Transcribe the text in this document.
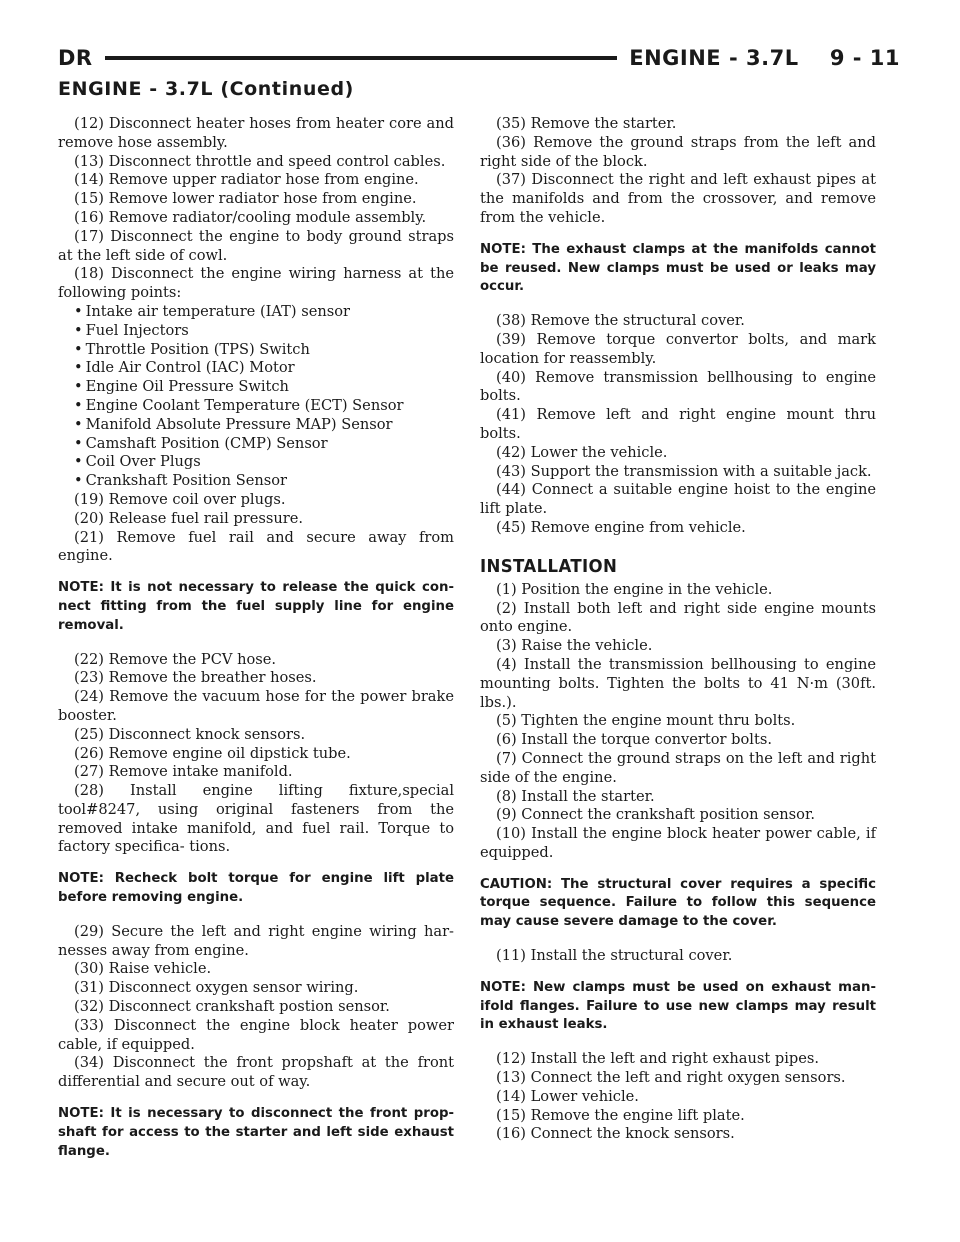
DR	ENGINE - 3.7L    9 - 11
ENGINE - 3.7L (Continued)

(12) Disconnect heater hoses from heater core and remove hose assembly.

(13) Disconnect throttle and speed control cables.

(14) Remove upper radiator hose from engine.

(15) Remove lower radiator hose from engine.

(16) Remove radiator/cooling module assembly.

(17) Disconnect the engine to body ground straps at the left side of cowl.

(18) Disconnect the engine wiring harness at the following points:

• Intake air temperature (IAT) sensor
• Fuel Injectors
• Throttle Position (TPS) Switch
• Idle Air Control (IAC) Motor
• Engine Oil Pressure Switch
• Engine Coolant Temperature (ECT) Sensor
• Manifold Absolute Pressure MAP) Sensor
• Camshaft Position (CMP) Sensor
• Coil Over Plugs
• Crankshaft Position Sensor

(19) Remove coil over plugs.

(20) Release fuel rail pressure.

(21) Remove fuel rail and secure away from engine.

NOTE: It is not necessary to release the quick con- nect fitting from the fuel supply line for engine removal.

(22) Remove the PCV hose.

(23) Remove the breather hoses.

(24) Remove the vacuum hose for the power brake booster.

(25) Disconnect knock sensors.

(26) Remove engine oil dipstick tube.

(27) Remove intake manifold.

(28) Install engine lifting fixture,special tool#8247, using original fasteners from the removed intake manifold, and fuel rail. Torque to factory specifica- tions.

NOTE: Recheck bolt torque for engine lift plate before removing engine.

(29) Secure the left and right engine wiring har- nesses away from engine.

(30) Raise vehicle.

(31) Disconnect oxygen sensor wiring.

(32) Disconnect crankshaft postion sensor.

(33) Disconnect the engine block heater power cable, if equipped.

(34) Disconnect the front propshaft at the front differential and secure out of way.

NOTE: It is necessary to disconnect the front prop- shaft for access to the starter and left side exhaust flange.

(35) Remove the starter.

(36) Remove the ground straps from the left and right side of the block.

(37) Disconnect the right and left exhaust pipes at the manifolds and from the crossover, and remove from the vehicle.

NOTE: The exhaust clamps at the manifolds cannot be reused. New clamps must be used or leaks may occur.

(38) Remove the structural cover.

(39) Remove torque convertor bolts, and mark location for reassembly.

(40) Remove transmission bellhousing to engine bolts.

(41) Remove left and right engine mount thru bolts.

(42) Lower the vehicle.

(43) Support the transmission with a suitable jack.

(44) Connect a suitable engine hoist to the engine lift plate.

(45) Remove engine from vehicle.

INSTALLATION

(1) Position the engine in the vehicle.

(2) Install both left and right side engine mounts onto engine.

(3) Raise the vehicle.

(4) Install the transmission bellhousing to engine mounting bolts. Tighten the bolts to 41 N·m (30ft. lbs.).

(5) Tighten the engine mount thru bolts.

(6) Install the torque convertor bolts.

(7) Connect the ground straps on the left and right side of the engine.

(8) Install the starter.

(9) Connect the crankshaft position sensor.

(10) Install the engine block heater power cable, if equipped.

CAUTION: The structural cover requires a specific torque sequence. Failure to follow this sequence may cause severe damage to the cover.

(11) Install the structural cover.

NOTE: New clamps must be used on exhaust man- ifold flanges. Failure to use new clamps may result in exhaust leaks.

(12) Install the left and right exhaust pipes.

(13) Connect the left and right oxygen sensors.

(14) Lower vehicle.

(15) Remove the engine lift plate.

(16) Connect the knock sensors.
